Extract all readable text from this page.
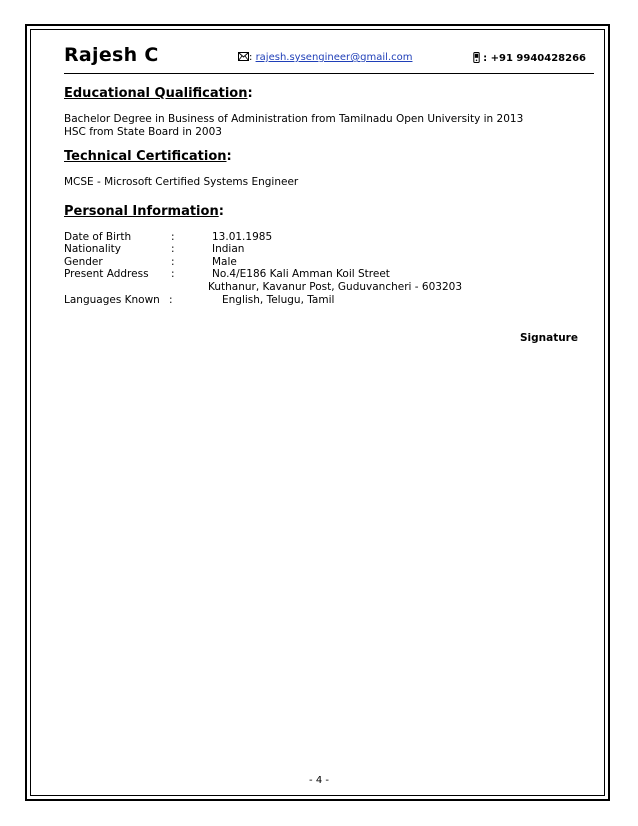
Rajesh C	: rajesh.sysengineer@gmail.com	: +91 9940428266
Educational Qualification:
Bachelor Degree in Business of Administration from Tamilnadu Open University in 2013
HSC from State Board in 2003
Technical Certification:
MCSE - Microsoft Certified Systems Engineer
Personal Information:
Date of Birth	:	13.01.1985
Nationality	:	Indian
Gender	:	Male
Present Address :	No.4/E186 Kali Amman Koil Street
Kuthanur, Kavanur Post, Guduvancheri - 603203
Languages Known :	English, Telugu, Tamil
Signature
- 4 -
